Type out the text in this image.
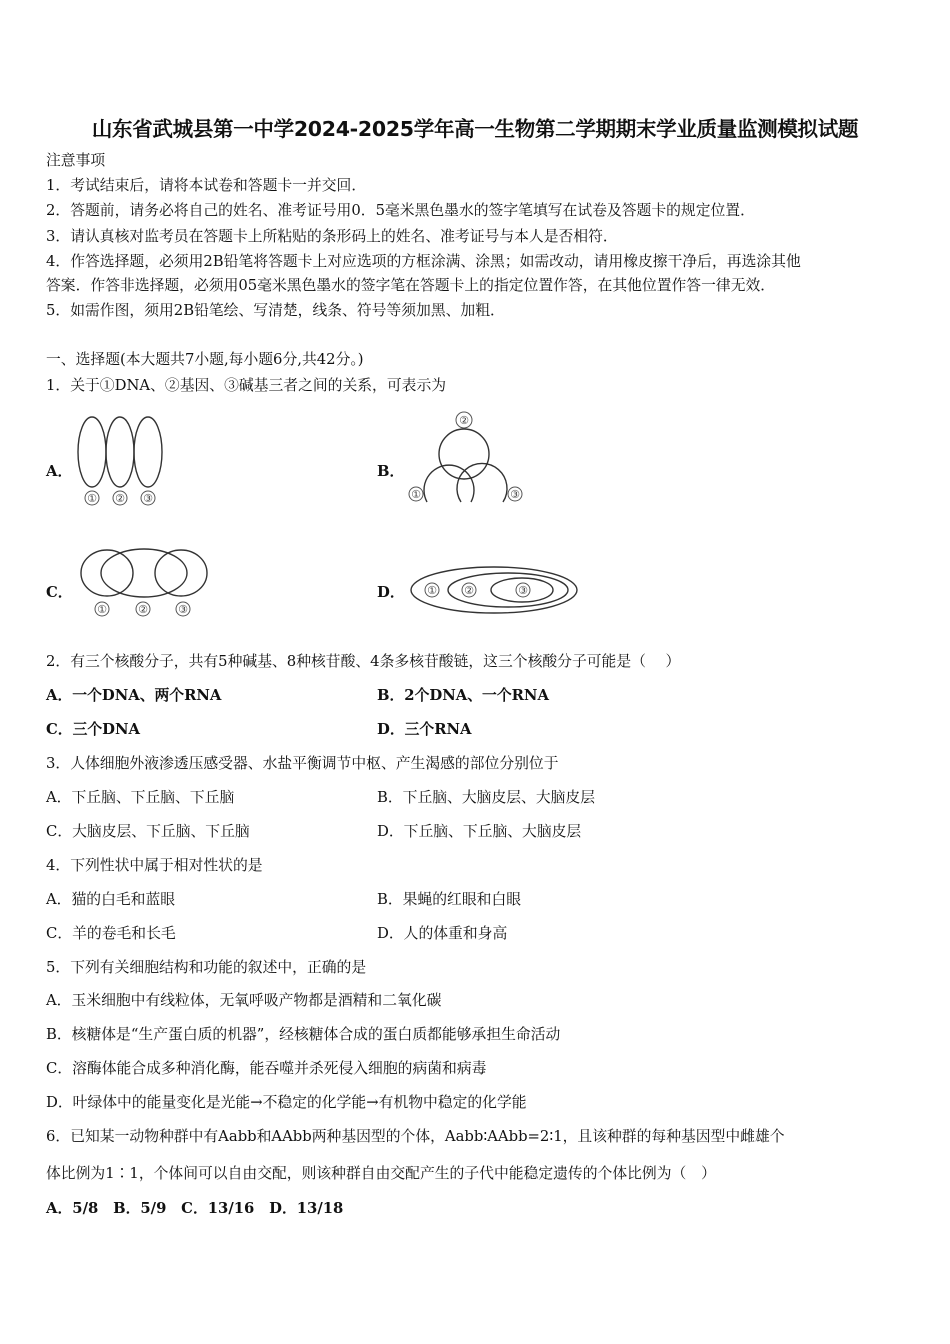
山东省武城县第一中学2024-2025学年高一生物第二学期期末学业质量监测模拟试题
注意事项
1．考试结束后，请将本试卷和答题卡一并交回．
2．答题前，请务必将自己的姓名、准考证号用0．5毫米黑色墨水的签字笔填写在试卷及答题卡的规定位置．
3．请认真核对监考员在答题卡上所粘贴的条形码上的姓名、准考证号与本人是否相符．
4．作答选择题，必须用2B铅笔将答题卡上对应选项的方框涂满、涂黑；如需改动，请用橡皮擦干净后，再选涂其他
答案．作答非选择题，必须用05毫米黑色墨水的签字笔在答题卡上的指定位置作答，在其他位置作答一律无效．
5．如需作图，须用2B铅笔绘、写清楚，线条、符号等须加黑、加粗．
一、选择题(本大题共7小题,每小题6分,共42分。)
1．关于①DNA、②基因、③碱基三者之间的关系，可表示为
A．
① ② ③
B．
②
①	③
C．
①	②	③
D． ① ②	③
2．有三个核酸分子，共有5种碱基、8种核苷酸、4条多核苷酸链，这三个核酸分子可能是（　 ）
A．一个DNA、两个RNA	B．2个DNA、一个RNA
C．三个DNA	D．三个RNA
3．人体细胞外液渗透压感受器、水盐平衡调节中枢、产生渴感的部位分别位于
A．下丘脑、下丘脑、下丘脑	B．下丘脑、大脑皮层、大脑皮层
C．大脑皮层、下丘脑、下丘脑	D．下丘脑、下丘脑、大脑皮层
4．下列性状中属于相对性状的是
A．猫的白毛和蓝眼	B．果蝇的红眼和白眼
C．羊的卷毛和长毛	D．人的体重和身高
5．下列有关细胞结构和功能的叙述中，正确的是
A．玉米细胞中有线粒体，无氧呼吸产物都是酒精和二氧化碳
B．核糖体是“生产蛋白质的机器”，经核糖体合成的蛋白质都能够承担生命活动
C．溶酶体能合成多种消化酶，能吞噬并杀死侵入细胞的病菌和病毒
D．叶绿体中的能量变化是光能→不稳定的化学能→有机物中稳定的化学能
6．已知某一动物种群中有Aabb和AAbb两种基因型的个体，Aabb∶AAbb=2∶1，且该种群的每种基因型中雌雄个
体比例为1∶1，个体间可以自由交配，则该种群自由交配产生的子代中能稳定遗传的个体比例为（　）
A．5/8　B．5/9　C．13/16　D．13/18
